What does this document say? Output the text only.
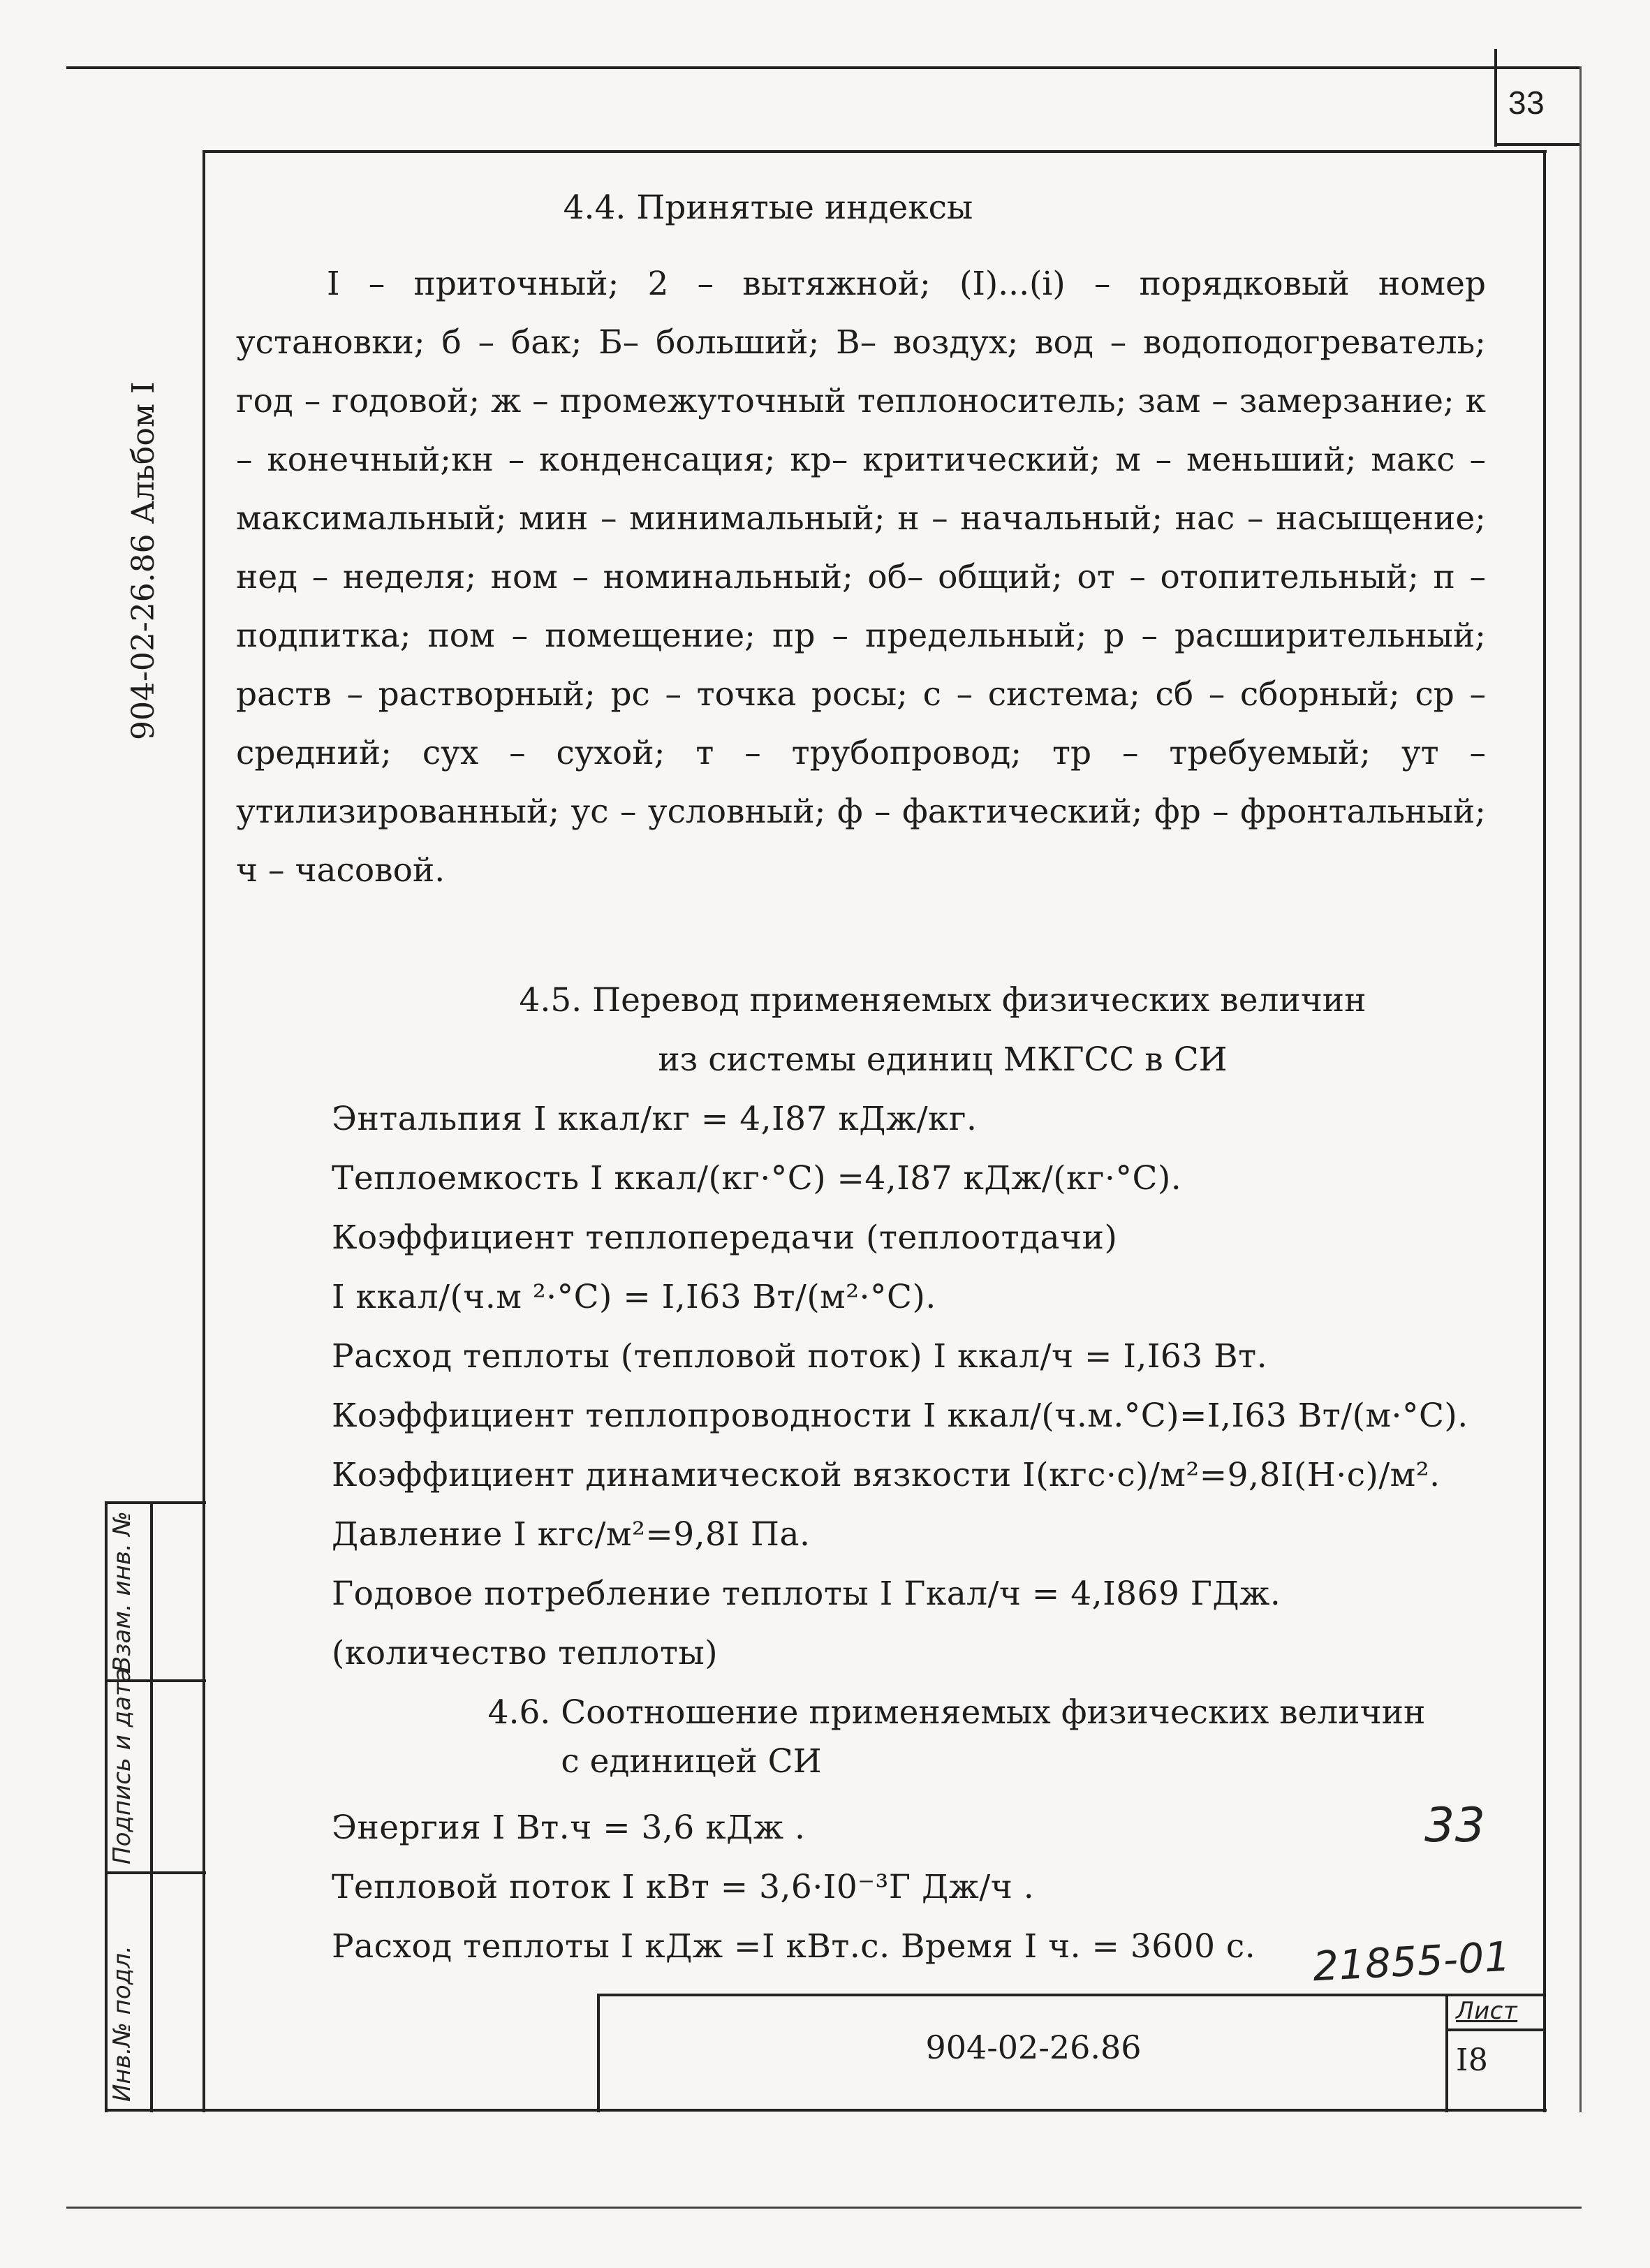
33
904-02-26.86 Альбом I
Инв.№ подл.
Подпись и дата
Взам. инв. №
4.4. Принятые индексы
I – приточный; 2 – вытяжной; (I)...(i) – порядковый номер установки; б – бак; Б– больший; В– воздух; вод – водоподогреватель; год – годовой; ж – промежуточный теплоноситель; зам – замерзание; к – конечный;кн – конденсация; кр– критический; м – меньший; макс – максимальный; мин – минимальный; н – начальный; нас – насыщение; нед – неделя; ном – номинальный; об– общий; от – отопительный; п – подпитка; пом – помещение; пр – предельный; р – расширительный; раств – растворный; рс – точка росы; с – система; сб – сборный; ср – средний; сух – сухой; т – трубопровод; тр – требуемый; ут – утилизированный; ус – условный; ф – фактический; фр – фронтальный; ч – часовой.
4.5. Перевод применяемых физических величин
из системы единиц МКГСС в СИ
Энтальпия I ккал/кг = 4,I87 кДж/кг.
Теплоемкость I ккал/(кг·°С) =4,I87 кДж/(кг·°С).
Коэффициент теплопередачи (теплоотдачи)
I ккал/(ч.м ²·°С) = I,I63 Вт/(м²·°С).
Расход теплоты (тепловой поток) I ккал/ч = I,I63 Вт.
Коэффициент теплопроводности I ккал/(ч.м.°С)=I,I63 Вт/(м·°С).
Коэффициент динамической вязкости I(кгс·с)/м²=9,8I(Н·с)/м².
Давление I кгс/м²=9,8I Па.
Годовое потребление теплоты I Гкал/ч = 4,I869 ГДж.
(количество теплоты)
4.6. Соотношение применяемых физических величин
с единицей СИ
Энергия I Вт.ч = 3,6 кДж .
Тепловой поток I кВт = 3,6·I0⁻³Г Дж/ч .
Расход теплоты I кДж =I кВт.с. Время I ч. = 3600 с.
33
21855-01
904-02-26.86
Лист
I8
